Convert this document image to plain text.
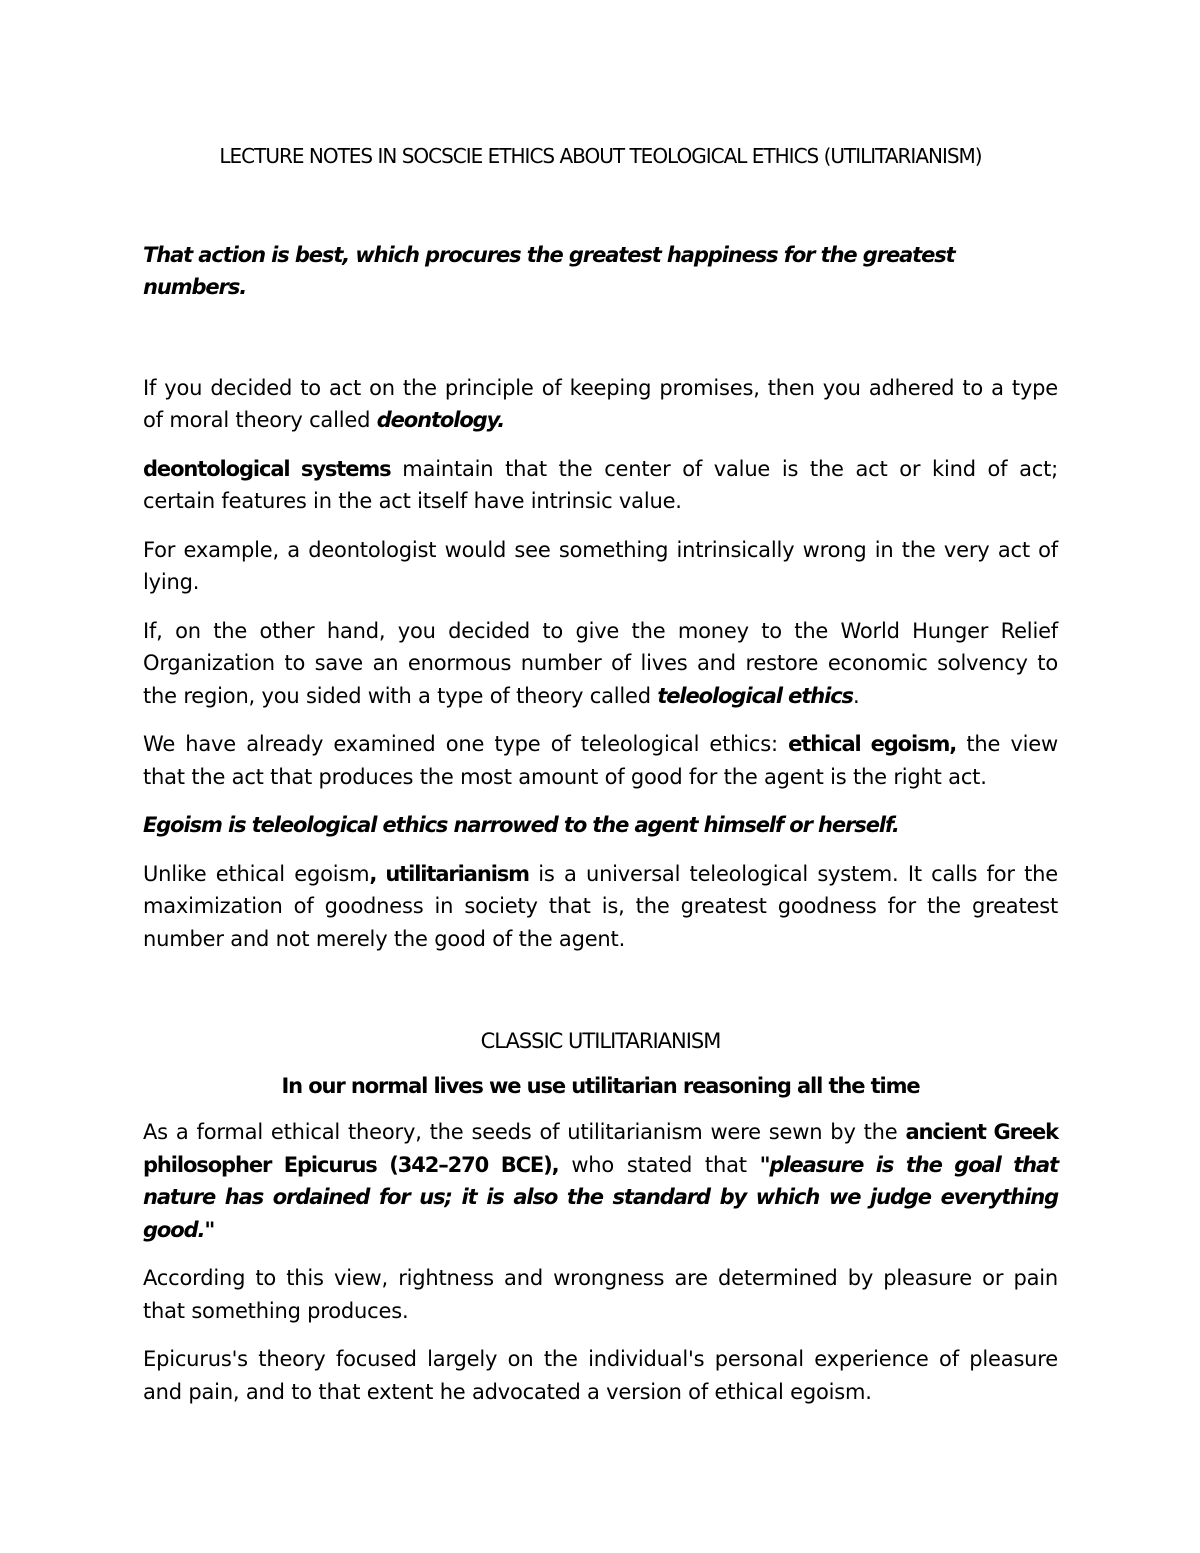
LECTURE NOTES IN SOCSCIE ETHICS ABOUT TEOLOGICAL ETHICS (UTILITARIANISM)
That action is best, which procures the greatest happiness for the greatest numbers.

If you decided to act on the principle of keeping promises, then you adhered to a type of moral theory called deontology.

deontological systems maintain that the center of value is the act or kind of act; certain features in the act itself have intrinsic value.

For example, a deontologist would see something intrinsically wrong in the very act of lying.

If, on the other hand, you decided to give the money to the World Hunger Relief Organization to save an enormous number of lives and restore economic solvency to the region, you sided with a type of theory called teleological ethics.

We have already examined one type of teleological ethics: ethical egoism, the view that the act that produces the most amount of good for the agent is the right act.

Egoism is teleological ethics narrowed to the agent himself or herself.

Unlike ethical egoism, utilitarianism is a universal teleological system. It calls for the maximization of goodness in society that is, the greatest goodness for the greatest number and not merely the good of the agent.

CLASSIC UTILITARIANISM
In our normal lives we use utilitarian reasoning all the time

As a formal ethical theory, the seeds of utilitarianism were sewn by the ancient Greek philosopher Epicurus (342–270 BCE), who stated that "pleasure is the goal that nature has ordained for us; it is also the standard by which we judge everything good."

According to this view, rightness and wrongness are determined by pleasure or pain that something produces.

Epicurus's theory focused largely on the individual's personal experience of pleasure and pain, and to that extent he advocated a version of ethical egoism.
